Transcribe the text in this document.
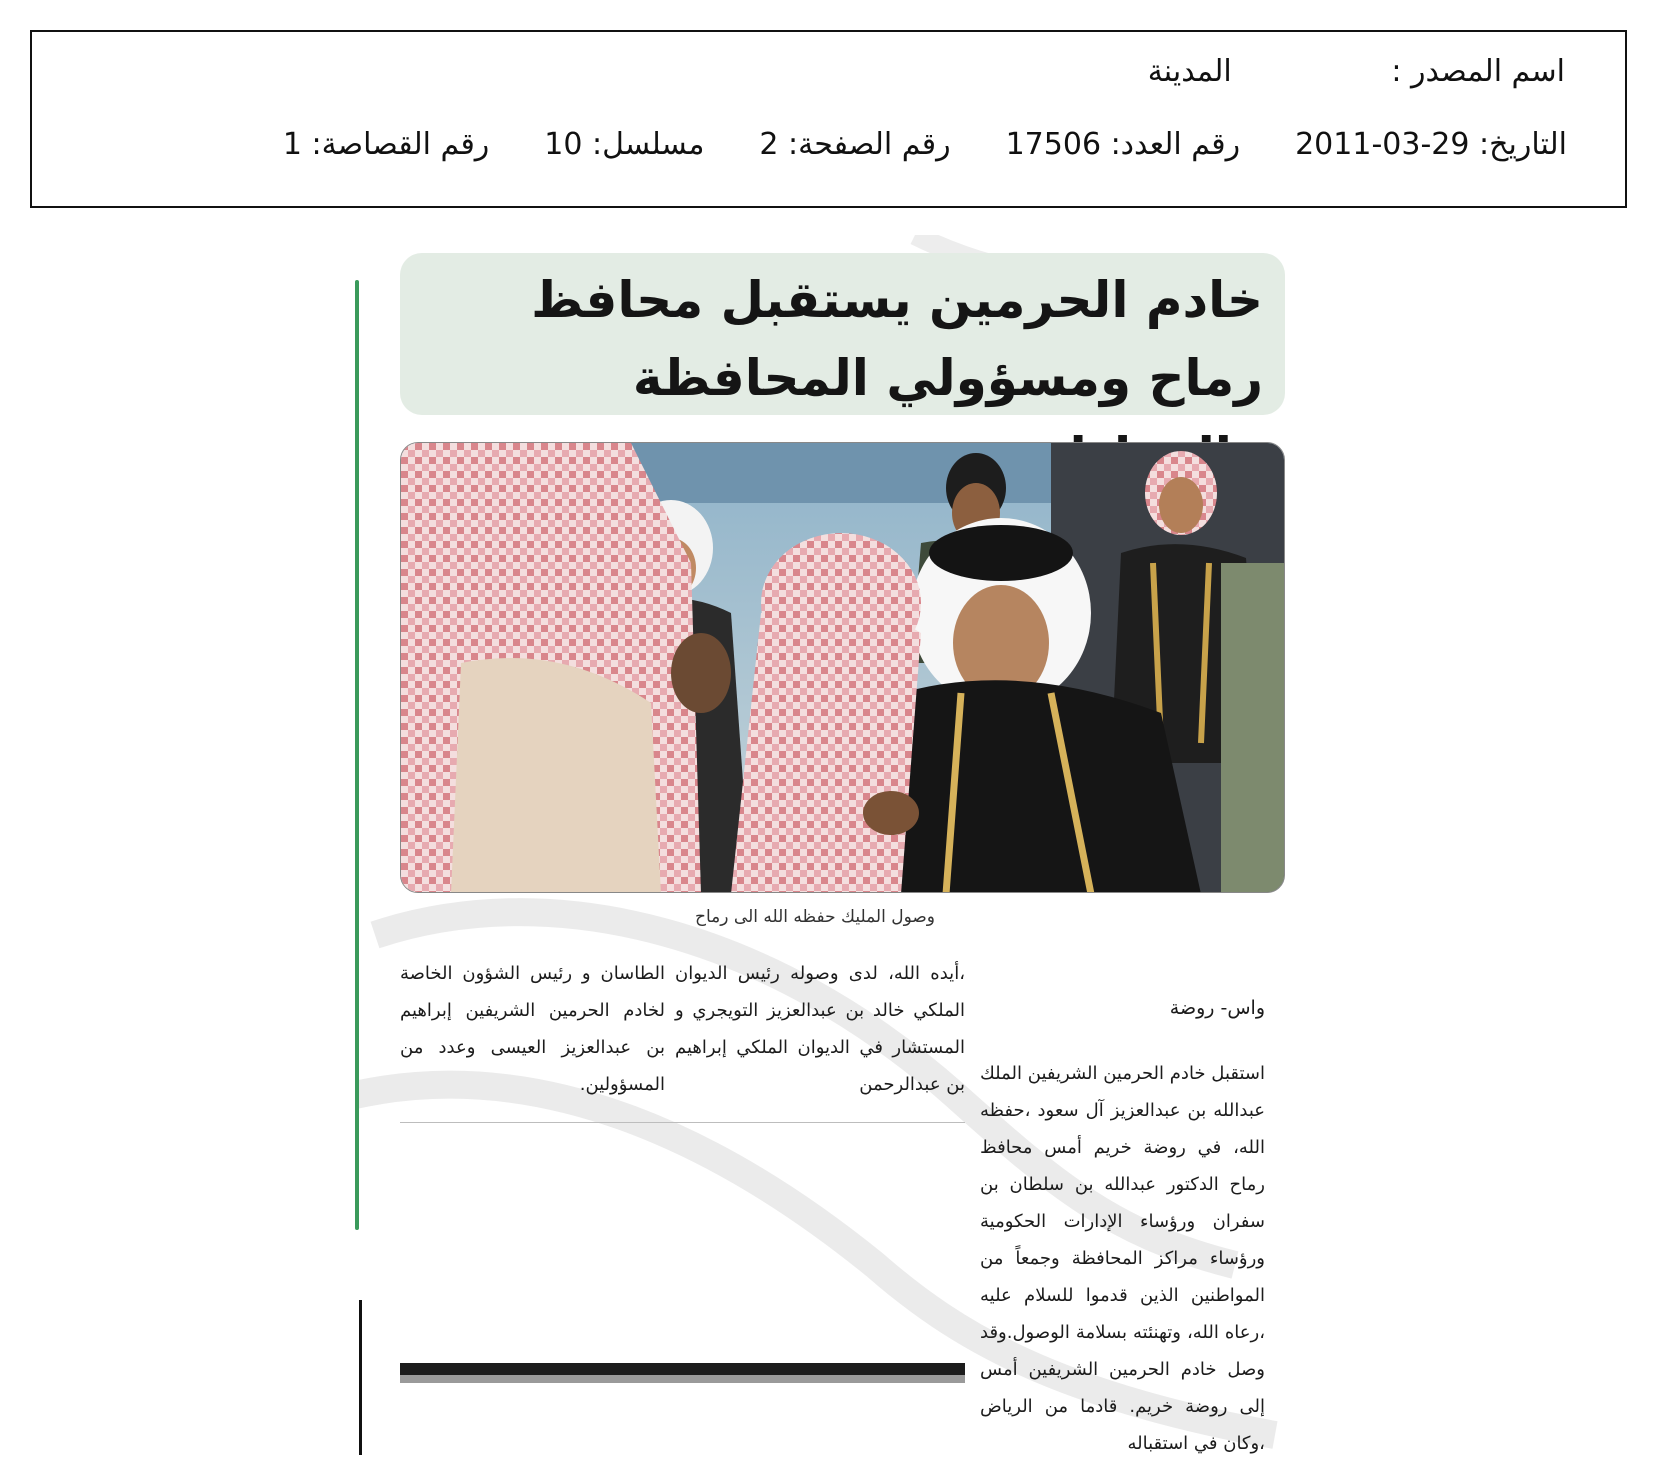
اسم المصدر : المدينة
التاريخ: 29-03-2011
رقم العدد: 17506
رقم الصفحة: 2
مسلسل: 10
رقم القصاصة: 1
خادم الحرمين يستقبل محافظ رماح ومسؤولي المحافظة
وصول المليك حفظه الله الى رماح
واس- روضة
استقبل خادم الحرمين الشريفين الملك عبدالله بن عبدالعزيز آل سعود ،حفظه الله، في روضة خريم أمس محافظ رماح الدكتور عبدالله بن سلطان بن سفران ورؤساء الإدارات الحكومية ورؤساء مراكز المحافظة وجمعاً من المواطنين الذين قدموا للسلام عليه ،رعاه الله، وتهنئته بسلامة الوصول.وقد وصل خادم الحرمين الشريفين أمس إلى روضة خريم. قادما من الرياض ،وكان في استقباله
،أيده الله، لدى وصوله رئيس الديوان الملكي خالد بن عبدالعزيز التويجري و المستشار في الديوان الملكي إبراهيم بن عبدالرحمن
الطاسان و رئيس الشؤون الخاصة لخادم الحرمين الشريفين إبراهيم بن عبدالعزيز العيسى وعدد من المسؤولين.
